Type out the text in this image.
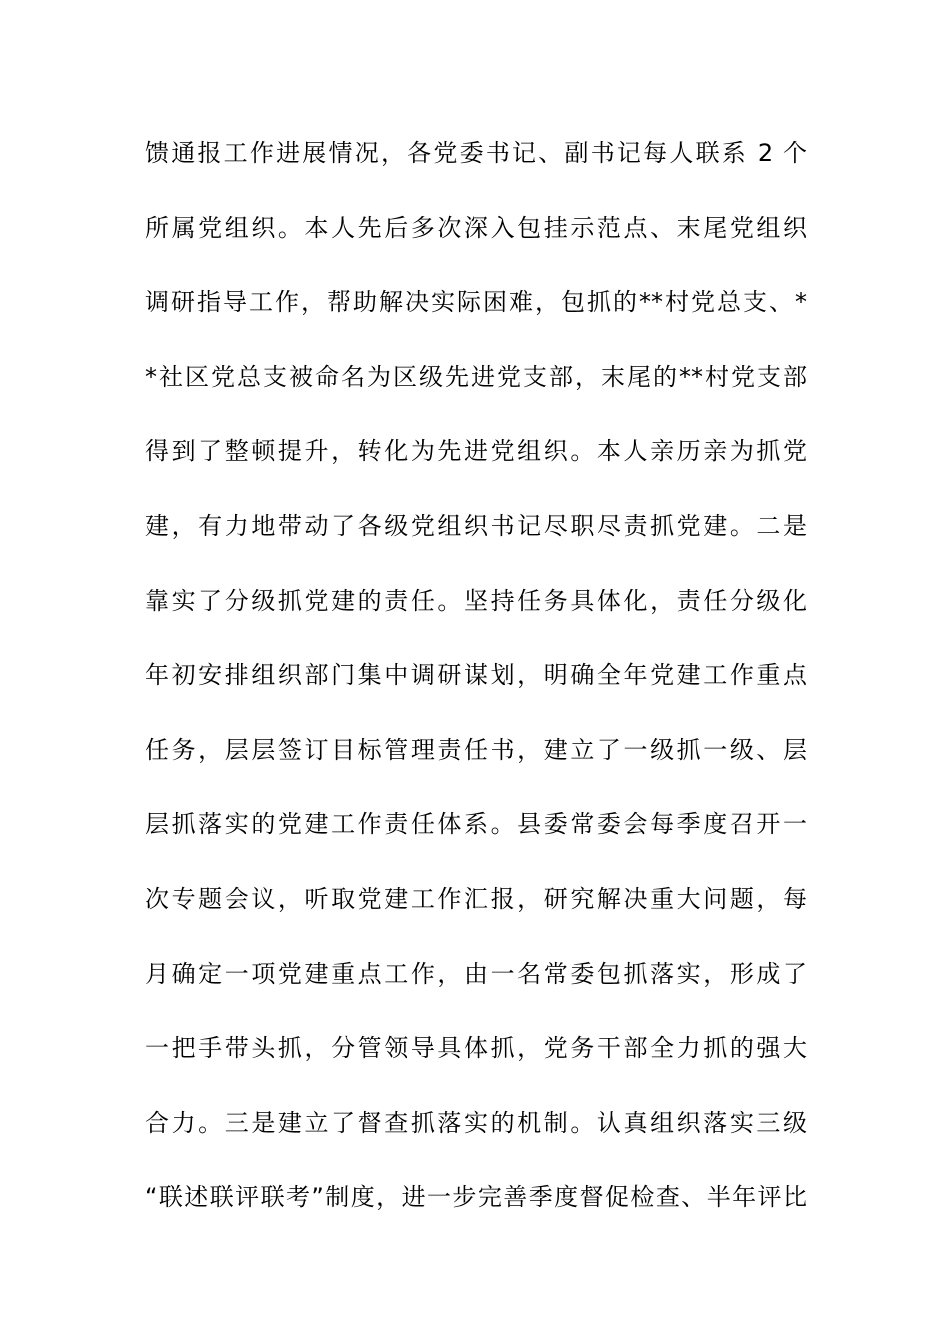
馈通报工作进展情况，各党委书记、副书记每人联系 2 个
所属党组织。本人先后多次深入包挂示范点、末尾党组织
调研指导工作，帮助解决实际困难，包抓的**村党总支、*
*社区党总支被命名为区级先进党支部，末尾的**村党支部
得到了整顿提升，转化为先进党组织。本人亲历亲为抓党
建，有力地带动了各级党组织书记尽职尽责抓党建。二是
靠实了分级抓党建的责任。坚持任务具体化，责任分级化
年初安排组织部门集中调研谋划，明确全年党建工作重点
任务，层层签订目标管理责任书，建立了一级抓一级、层
层抓落实的党建工作责任体系。县委常委会每季度召开一
次专题会议，听取党建工作汇报，研究解决重大问题，每
月确定一项党建重点工作，由一名常委包抓落实，形成了
一把手带头抓，分管领导具体抓，党务干部全力抓的强大
合力。三是建立了督查抓落实的机制。认真组织落实三级
“联述联评联考”制度，进一步完善季度督促检查、半年评比
